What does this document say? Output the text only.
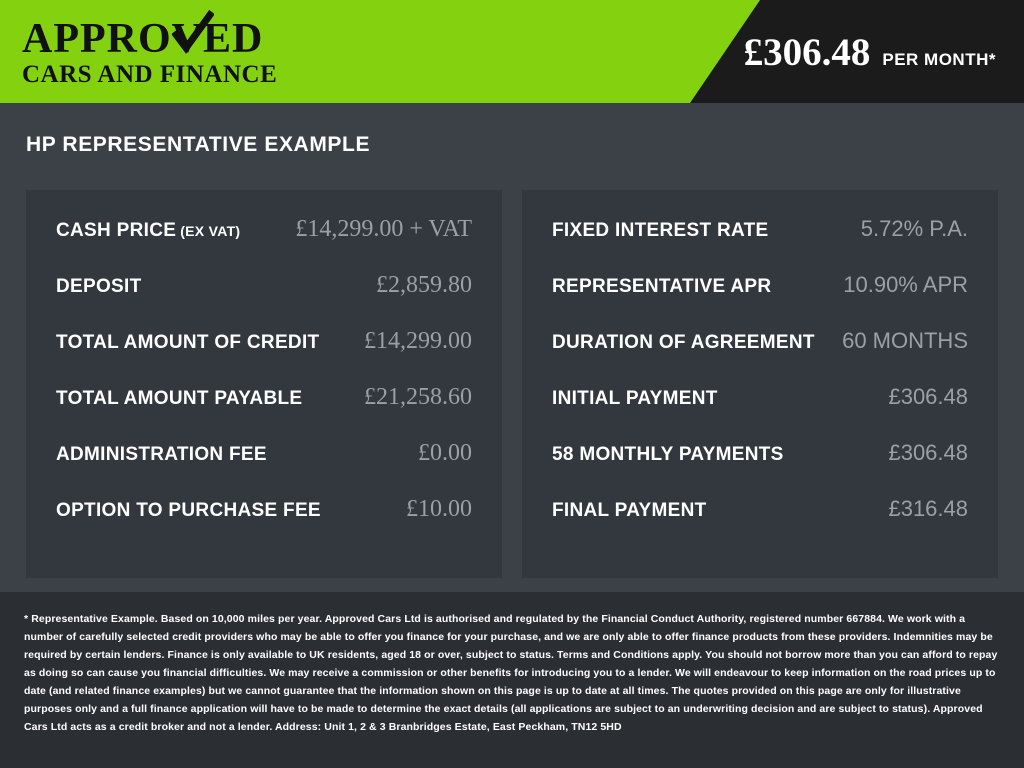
APPROVED
CARS AND FINANCE
£306.48 PER MONTH*
HP REPRESENTATIVE EXAMPLE
CASH PRICE (EX VAT) £14,299.00 + VAT
DEPOSIT	£2,859.80
TOTAL AMOUNT OF CREDIT £14,299.00
TOTAL AMOUNT PAYABLE	£21,258.60
ADMINISTRATION FEE	£0.00
OPTION TO PURCHASE FEE	£10.00
FIXED INTEREST RATE	5.72% P.A.
REPRESENTATIVE APR	10.90% APR
DURATION OF AGREEMENT 60 MONTHS
INITIAL PAYMENT	£306.48
58 MONTHLY PAYMENTS	£306.48
FINAL PAYMENT	£316.48

* Representative Example. Based on 10,000 miles per year. Approved Cars Ltd is authorised and regulated by the Financial Conduct Authority, registered number 667884. We work with a number of carefully selected credit providers who may be able to offer you finance for your purchase, and we are only able to offer finance products from these providers. Indemnities may be required by certain lenders. Finance is only available to UK residents, aged 18 or over, subject to status. Terms and Conditions apply. You should not borrow more than you can afford to repay as doing so can cause you financial difficulties. We may receive a commission or other benefits for introducing you to a lender. We will endeavour to keep information on the road prices up to date (and related finance examples) but we cannot guarantee that the information shown on this page is up to date at all times. The quotes provided on this page are only for illustrative purposes only and a full finance application will have to be made to determine the exact details (all applications are subject to an underwriting decision and are subject to status). Approved Cars Ltd acts as a credit broker and not a lender. Address: Unit 1, 2 & 3 Branbridges Estate, East Peckham, TN12 5HD
